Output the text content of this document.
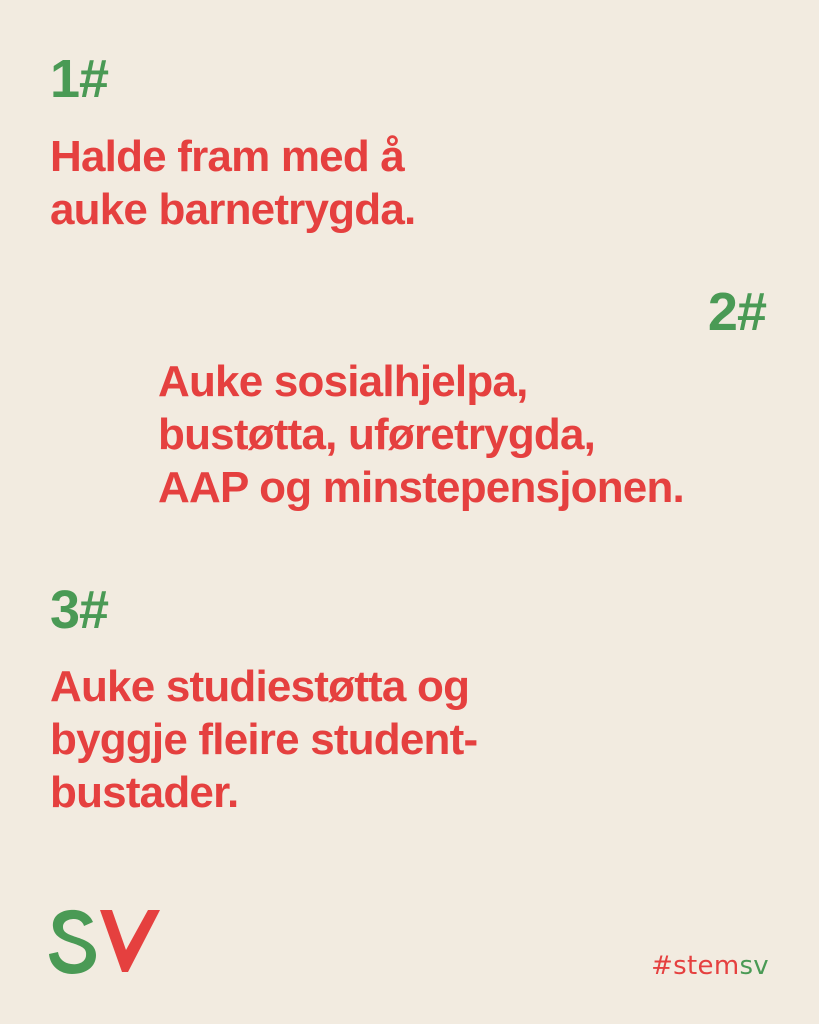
1#
Halde fram med å
auke barnetrygda.
2#
Auke sosialhjelpa,
bustøtta, uføretrygda,
AAP og minstepensjonen.
3#
Auke studiestøtta og
byggje fleire student-
bustader.
#stemsv
